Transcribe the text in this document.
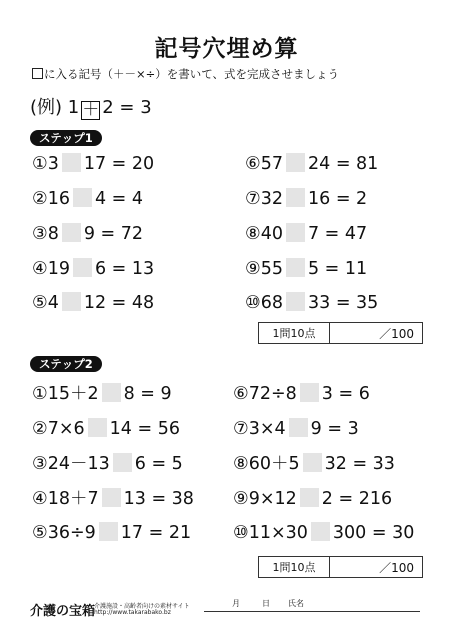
記号穴埋め算
に入る記号（＋－×÷）を書いて、式を完成させましょう
(例) 1 ＋ 2 = 3
ステップ1
①3 17 = 20
②16 4 = 4
③8 9 = 72
④19 6 = 13
⑤4 12 = 48
⑥57 24 = 81
⑦32 16 = 2
⑧40 7 = 47
⑨55 5 = 11
⑩68 33 = 35
1問10点	／100
ステップ2
①15＋2 8 = 9
②7×6 14 = 56
③24－13 6 = 5
④18＋7 13 = 38
⑤36÷9 17 = 21
⑥72÷8 3 = 6
⑦3×4 9 = 3
⑧60＋5 32 = 33
⑨9×12 2 = 216
⑩11×30 300 = 30
1問10点	／100
介護の宝箱
介護施設・高齢者向けの素材サイト
http://www.takarabako.bz
月	日 氏名
